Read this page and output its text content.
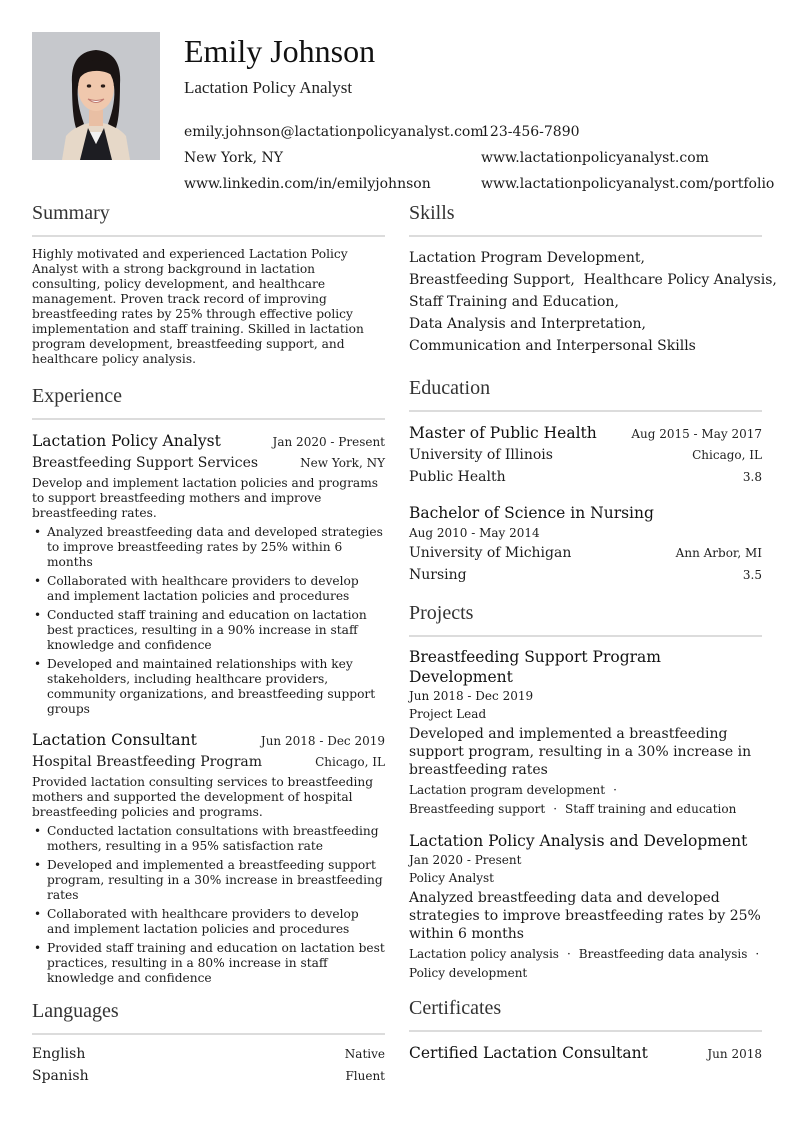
Emily Johnson
Lactation Policy Analyst
emily.johnson@lactationpolicyanalyst.com
123-456-7890
New York, NY	www.lactationpolicyanalyst.com
www.linkedin.com/in/emilyjohnson	www.lactationpolicyanalyst.com/portfolio
Summary

Highly motivated and experienced Lactation Policy Analyst with a strong background in lactation consulting, policy development, and healthcare management. Proven track record of improving breastfeeding rates by 25% through effective policy implementation and staff training. Skilled in lactation program development, breastfeeding support, and healthcare policy analysis.

Experience
Lactation Policy Analyst	Jan 2020 - Present
Breastfeeding Support Services	New York, NY

Develop and implement lactation policies and programs to support breastfeeding mothers and improve breastfeeding rates.

• Analyzed breastfeeding data and developed strategies to improve breastfeeding rates by 25% within 6 months
• Collaborated with healthcare providers to develop and implement lactation policies and procedures
• Conducted staff training and education on lactation best practices, resulting in a 90% increase in staff knowledge and confidence
• Developed and maintained relationships with key stakeholders, including healthcare providers, community organizations, and breastfeeding support groups
Lactation Consultant	Jun 2018 - Dec 2019
Hospital Breastfeeding Program	Chicago, IL

Provided lactation consulting services to breastfeeding mothers and supported the development of hospital breastfeeding policies and programs.

• Conducted lactation consultations with breastfeeding mothers, resulting in a 95% satisfaction rate
• Developed and implemented a breastfeeding support program, resulting in a 30% increase in breastfeeding rates
• Collaborated with healthcare providers to develop and implement lactation policies and procedures
• Provided staff training and education on lactation best practices, resulting in a 80% increase in staff knowledge and confidence
Languages
English	Native
Spanish	Fluent
Skills
Lactation Program Development,
Breastfeeding Support,  Healthcare Policy Analysis,
Staff Training and Education,
Data Analysis and Interpretation,
Communication and Interpersonal Skills
Education
Master of Public Health	Aug 2015 - May 2017
University of Illinois	Chicago, IL
Public Health	3.8
Bachelor of Science in Nursing
Aug 2010 - May 2014
University of Michigan	Ann Arbor, MI
Nursing	3.5
Projects
Breastfeeding Support Program Development
Jun 2018 - Dec 2019
Project Lead

Developed and implemented a breastfeeding support program, resulting in a 30% increase in breastfeeding rates

Lactation program development ·
Breastfeeding support · Staff training and education
Lactation Policy Analysis and Development
Jan 2020 - Present
Policy Analyst

Analyzed breastfeeding data and developed strategies to improve breastfeeding rates by 25% within 6 months

Lactation policy analysis · Breastfeeding data analysis ·
Policy development
Certificates
Certified Lactation Consultant	Jun 2018
